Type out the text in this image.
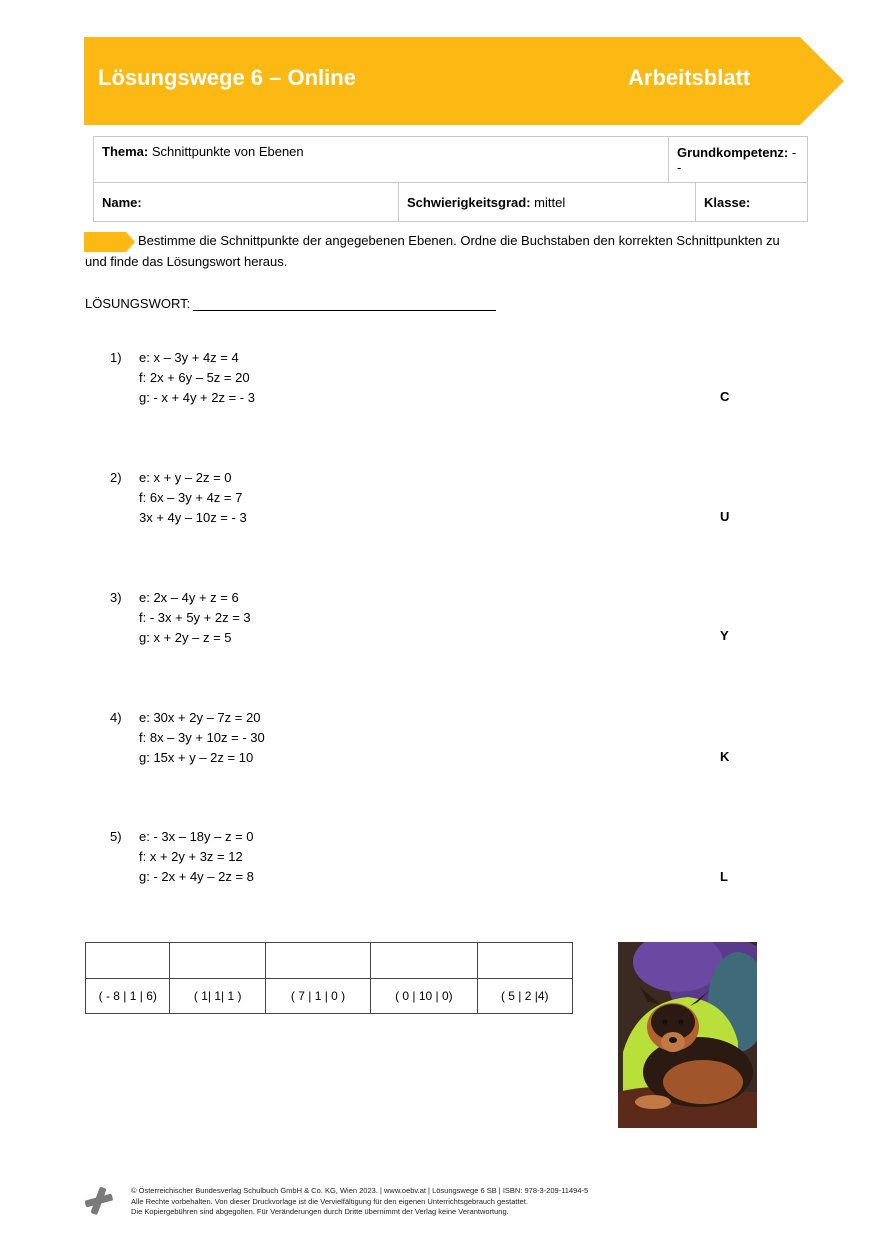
Lösungswege 6 – Online	Arbeitsblatt
Thema: Schnittpunkte von Ebenen		Grundkompetenz: --	
Name:	Schwierigkeitsgrad: mittel		Klasse:
Bestimme die Schnittpunkte der angegebenen Ebenen. Ordne die Buchstaben den korrekten Schnittpunkten zu
und finde das Lösungswort heraus.
LÖSUNGSWORT:
1) e: x – 3y + 4z = 4
f: 2x + 6y – 5z = 20
g: - x + 4y + 2z = - 3	C
2) e: x + y – 2z = 0
f: 6x – 3y + 4z = 7
3x + 4y – 10z = - 3	U
3) e: 2x – 4y + z = 6
f: - 3x + 5y + 2z = 3
g: x + 2y – z = 5	Y
4) e: 30x + 2y – 7z = 20
f: 8x – 3y + 10z = - 30
g: 15x + y – 2z = 10	K
5) e: - 3x – 18y – z = 0
f: x + 2y + 3z = 12
g: - 2x + 4y – 2z = 8	L

( - 8 | 1 | 6)	( 1| 1| 1 )	( 7 | 1 | 0 )	( 0 | 10 | 0)	( 5 | 2 |4)
© Österreichischer Bundesverlag Schulbuch GmbH & Co. KG, Wien 2023. | www.oebv.at | Lösungswege 6 SB | ISBN: 978-3-209-11494-5
Alle Rechte vorbehalten. Von dieser Druckvorlage ist die Vervielfältigung für den eigenen Unterrichtsgebrauch gestattet.
Die Kopiergebühren sind abgegolten. Für Veränderungen durch Dritte übernimmt der Verlag keine Verantwortung.
